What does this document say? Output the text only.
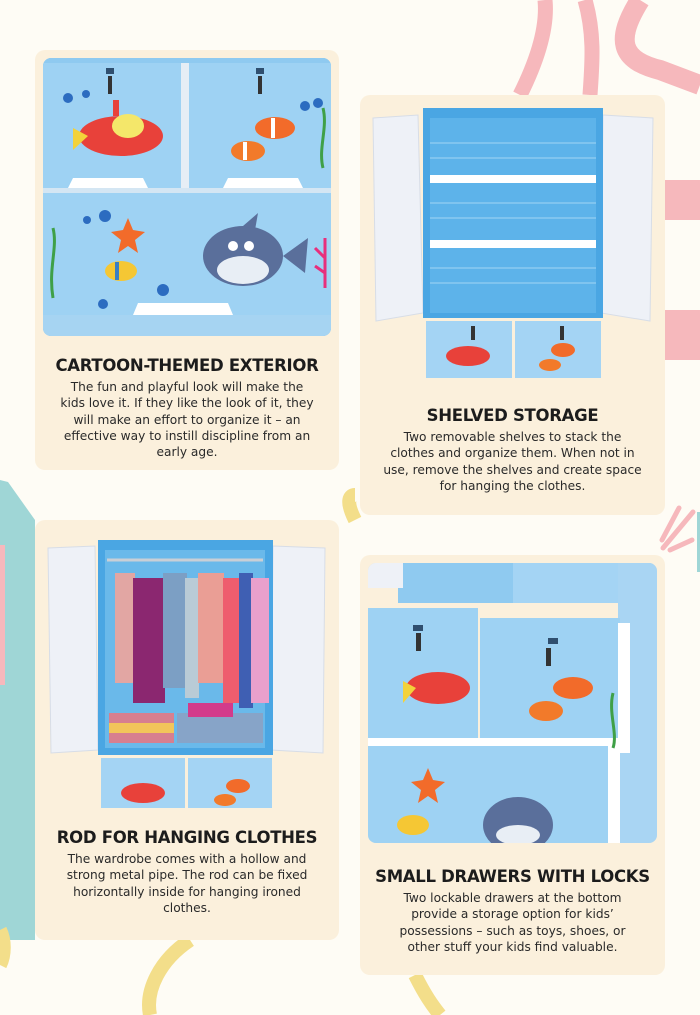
CARTOON-THEMED EXTERIOR

The fun and playful look will make the kids love it. If they like the look of it, they will make an effort to organize it – an effective way to instill discipline from an early age.

SHELVED STORAGE

Two removable shelves to stack the clothes and organize them. When not in use, remove the shelves and create space for hanging the clothes.

ROD FOR HANGING CLOTHES

The wardrobe comes with a hollow and strong metal pipe. The rod can be fixed horizontally inside for hanging ironed clothes.

SMALL DRAWERS WITH LOCKS

Two lockable drawers at the bottom provide a storage option for kids’ possessions – such as toys, shoes, or other stuff your kids find valuable.
